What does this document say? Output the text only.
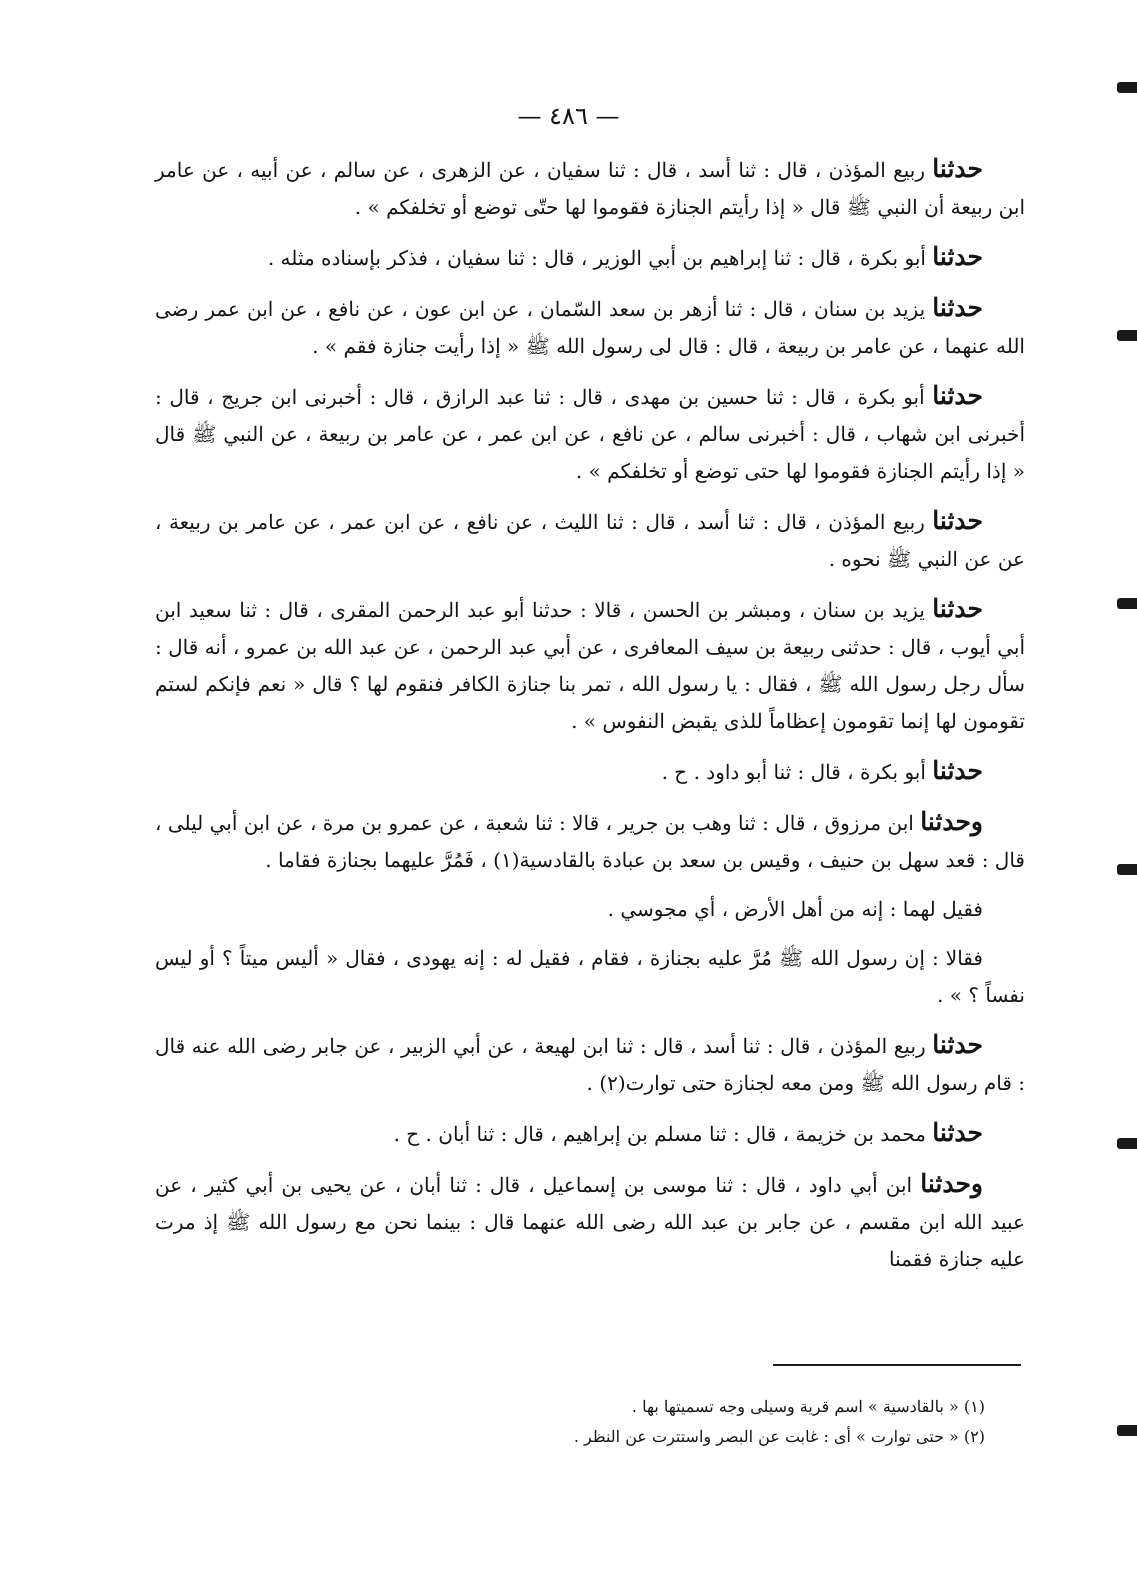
— ٤٨٦ —

حدثنا ربيع المؤذن ، قال : ثنا أسد ، قال : ثنا سفيان ، عن الزهرى ، عن سالم ، عن أبيه ، عن عامر ابن ربيعة أن النبي ﷺ قال « إذا رأيتم الجنازة فقوموا لها حتّى توضع أو تخلفكم » .

حدثنا أبو بكرة ، قال : ثنا إبراهيم بن أبي الوزير ، قال : ثنا سفيان ، فذكر بإسناده مثله .

حدثنا يزيد بن سنان ، قال : ثنا أزهر بن سعد السّمان ، عن ابن عون ، عن نافع ، عن ابن عمر رضى الله عنهما ، عن عامر بن ربيعة ، قال : قال لى رسول الله ﷺ « إذا رأيت جنازة فقم » .

حدثنا أبو بكرة ، قال : ثنا حسين بن مهدى ، قال : ثنا عبد الرازق ، قال : أخبرنى ابن جريج ، قال : أخبرنى ابن شهاب ، قال : أخبرنى سالم ، عن نافع ، عن ابن عمر ، عن عامر بن ربيعة ، عن النبي ﷺ قال « إذا رأيتم الجنازة فقوموا لها حتى توضع أو تخلفكم » .

حدثنا ربيع المؤذن ، قال : ثنا أسد ، قال : ثنا الليث ، عن نافع ، عن ابن عمر ، عن عامر بن ربيعة ، عن عن النبي ﷺ نحوه .

حدثنا يزيد بن سنان ، ومبشر بن الحسن ، قالا : حدثنا أبو عبد الرحمن المقرى ، قال : ثنا سعيد ابن أبي أيوب ، قال : حدثنى ربيعة بن سيف المعافرى ، عن أبي عبد الرحمن ، عن عبد الله بن عمرو ، أنه قال : سأل رجل رسول الله ﷺ ، فقال : يا رسول الله ، تمر بنا جنازة الكافر فنقوم لها ؟ قال « نعم فإنكم لستم تقومون لها إنما تقومون إعظاماً للذى يقبض النفوس » .

حدثنا أبو بكرة ، قال : ثنا أبو داود . ح .

وحدثنا ابن مرزوق ، قال : ثنا وهب بن جرير ، قالا : ثنا شعبة ، عن عمرو بن مرة ، عن ابن أبي ليلى ، قال : قعد سهل بن حنيف ، وقيس بن سعد بن عبادة بالقادسية(١) ، فَمُرَّ عليهما بجنازة فقاما .

فقيل لهما : إنه من أهل الأرض ، أي مجوسي .

فقالا : إن رسول الله ﷺ مُرَّ عليه بجنازة ، فقام ، فقيل له : إنه يهودى ، فقال « أليس ميتاً ؟ أو ليس نفساً ؟ » .

حدثنا ربيع المؤذن ، قال : ثنا أسد ، قال : ثنا ابن لهيعة ، عن أبي الزبير ، عن جابر رضى الله عنه قال : قام رسول الله ﷺ ومن معه لجنازة حتى توارت(٢) .

حدثنا محمد بن خزيمة ، قال : ثنا مسلم بن إبراهيم ، قال : ثنا أبان . ح .

وحدثنا ابن أبي داود ، قال : ثنا موسى بن إسماعيل ، قال : ثنا أبان ، عن يحيى بن أبي كثير ، عن عبيد الله ابن مقسم ، عن جابر بن عبد الله رضى الله عنهما قال : بينما نحن مع رسول الله ﷺ إذ مرت عليه جنازة فقمنا

(١) « بالقادسية » اسم قرية وسيلى وجه تسميتها بها .

(٢) « حتى توارت » أى : غابت عن البصر واستترت عن النظر .
